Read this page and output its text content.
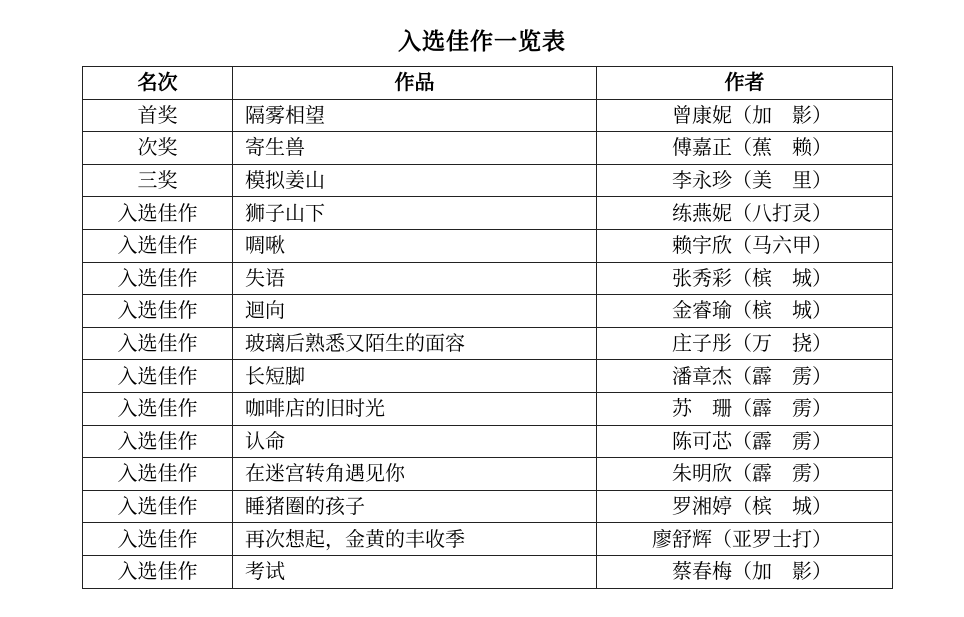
入选佳作一览表
名次	作品	作者
首奖	隔雾相望	曾康妮（加　影）
次奖	寄生兽	傅嘉正（蕉　赖）
三奖	模拟姜山	李永珍（美　里）
入选佳作	狮子山下	练燕妮（八打灵）
入选佳作	啁啾	赖宇欣（马六甲）
入选佳作	失语	张秀彩（槟　城）
入选佳作	迴向	金睿瑜（槟　城）
入选佳作	玻璃后熟悉又陌生的面容	庄子彤（万　挠）
入选佳作	长短脚	潘章杰（霹　雳）
入选佳作	咖啡店的旧时光	苏　珊（霹　雳）
入选佳作	认命	陈可芯（霹　雳）
入选佳作	在迷宫转角遇见你	朱明欣（霹　雳）
入选佳作	睡猪圈的孩子	罗湘婷（槟　城）
入选佳作	再次想起，金黄的丰收季	廖舒辉（亚罗士打）
入选佳作	考试	蔡春梅（加　影）
